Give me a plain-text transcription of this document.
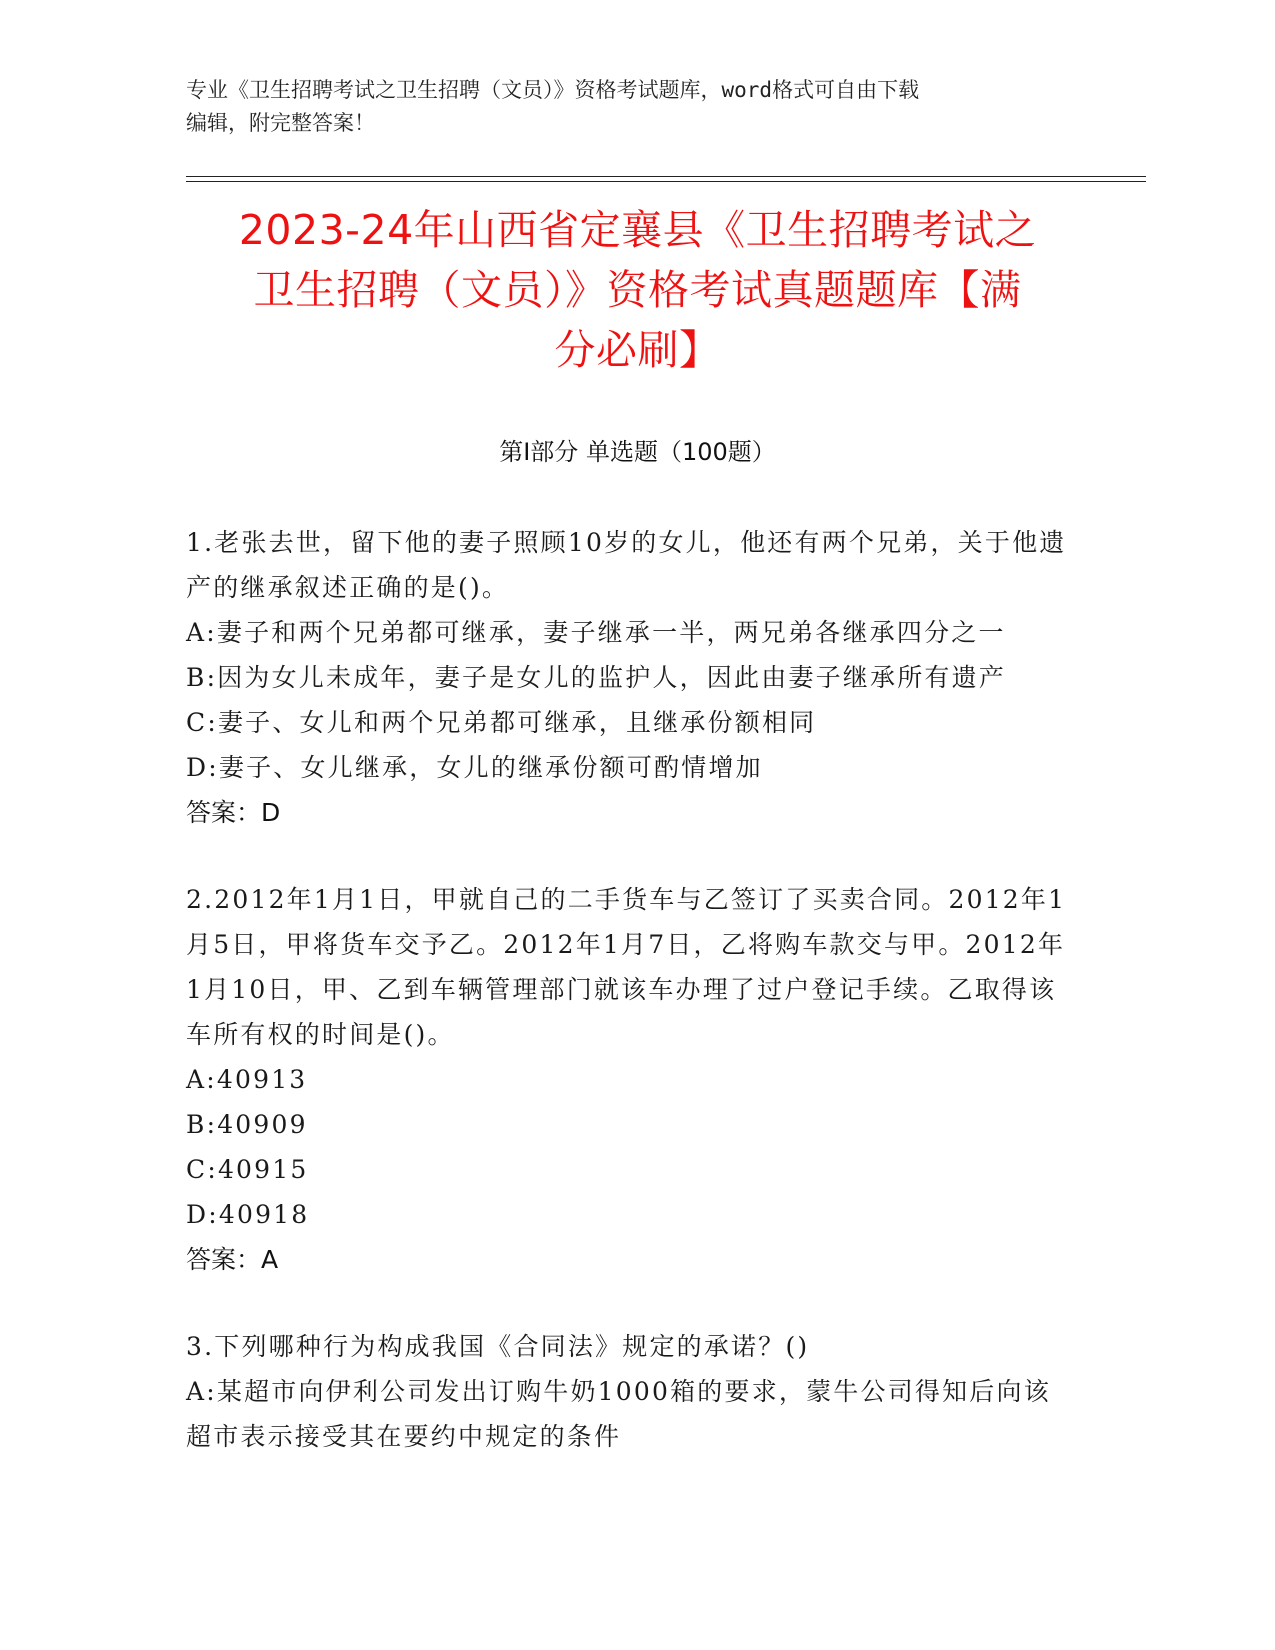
专业《卫生招聘考试之卫生招聘（文员）》资格考试题库，word格式可自由下载
编辑，附完整答案！
2023-24年山西省定襄县《卫生招聘考试之
卫生招聘（文员）》资格考试真题题库【满
分必刷】
第Ⅰ部分 单选题（100题）
1.老张去世，留下他的妻子照顾10岁的女儿，他还有两个兄弟，关于他遗产的继承叙述正确的是()。
A:妻子和两个兄弟都可继承，妻子继承一半，两兄弟各继承四分之一
B:因为女儿未成年，妻子是女儿的监护人，因此由妻子继承所有遗产
C:妻子、女儿和两个兄弟都可继承，且继承份额相同
D:妻子、女儿继承，女儿的继承份额可酌情增加
答案：D
2.2012年1月1日，甲就自己的二手货车与乙签订了买卖合同。2012年1月5日，甲将货车交予乙。2012年1月7日，乙将购车款交与甲。2012年1月10日，甲、乙到车辆管理部门就该车办理了过户登记手续。乙取得该车所有权的时间是()。
A:40913
B:40909
C:40915
D:40918
答案：A
3.下列哪种行为构成我国《合同法》规定的承诺？()
A:某超市向伊利公司发出订购牛奶1000箱的要求，蒙牛公司得知后向该超市表示接受其在要约中规定的条件
